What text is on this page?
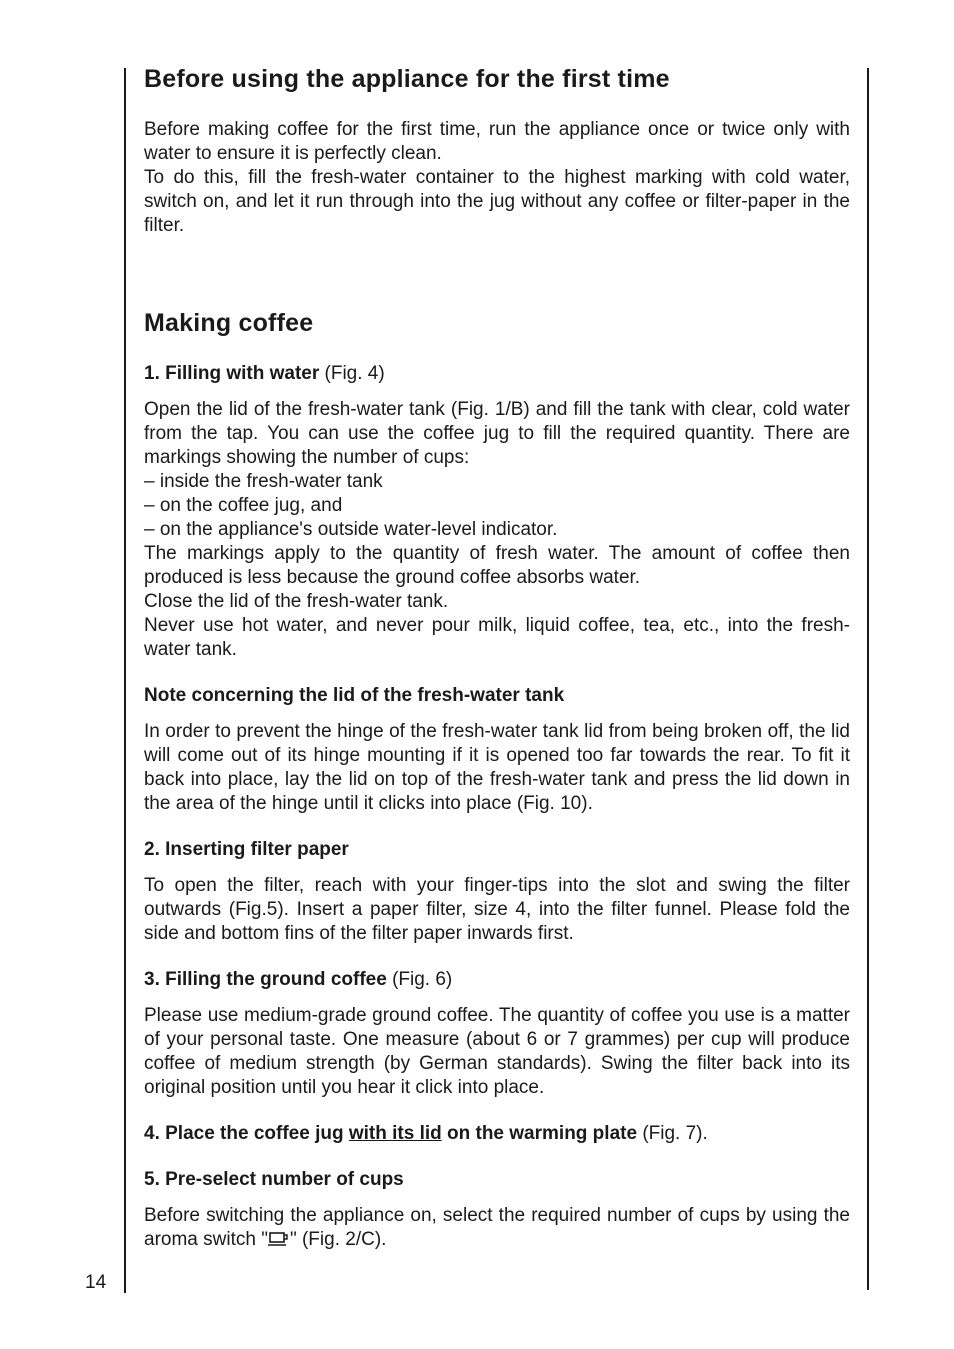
Before using the appliance for the first time

Before making coffee for the first time, run the appliance once or twice only with water to ensure it is perfectly clean.

To do this, fill the fresh-water container to the highest marking with cold water, switch on, and let it run through into the jug without any coffee or filter-paper in the filter.

Making coffee
1. Filling with water (Fig. 4)

Open the lid of the fresh-water tank (Fig. 1/B) and fill the tank with clear, cold water from the tap. You can use the coffee jug to fill the required quantity. There are markings showing the number of cups:

– inside the fresh-water tank

– on the coffee jug, and

– on the appliance's outside water-level indicator.

The markings apply to the quantity of fresh water. The amount of coffee then produced is less because the ground coffee absorbs water.

Close the lid of the fresh-water tank.

Never use hot water, and never pour milk, liquid coffee, tea, etc., into the fresh-water tank.

Note concerning the lid of the fresh-water tank

In order to prevent the hinge of the fresh-water tank lid from being broken off, the lid will come out of its hinge mounting if it is opened too far towards the rear. To fit it back into place, lay the lid on top of the fresh-water tank and press the lid down in the area of the hinge until it clicks into place (Fig. 10).

2. Inserting filter paper

To open the filter, reach with your finger-tips into the slot and swing the filter outwards (Fig.5). Insert a paper filter, size 4, into the filter funnel. Please fold the side and bottom fins of the filter paper inwards first.

3. Filling the ground coffee (Fig. 6)

Please use medium-grade ground coffee. The quantity of coffee you use is a matter of your personal taste. One measure (about 6 or 7 grammes) per cup will produce coffee of medium strength (by German standards). Swing the filter back into its original position until you hear it click into place.

4. Place the coffee jug with its lid on the warming plate (Fig. 7).
5. Pre-select number of cups

Before switching the appliance on, select the required number of cups by using the aroma switch " " (Fig. 2/C).

14
